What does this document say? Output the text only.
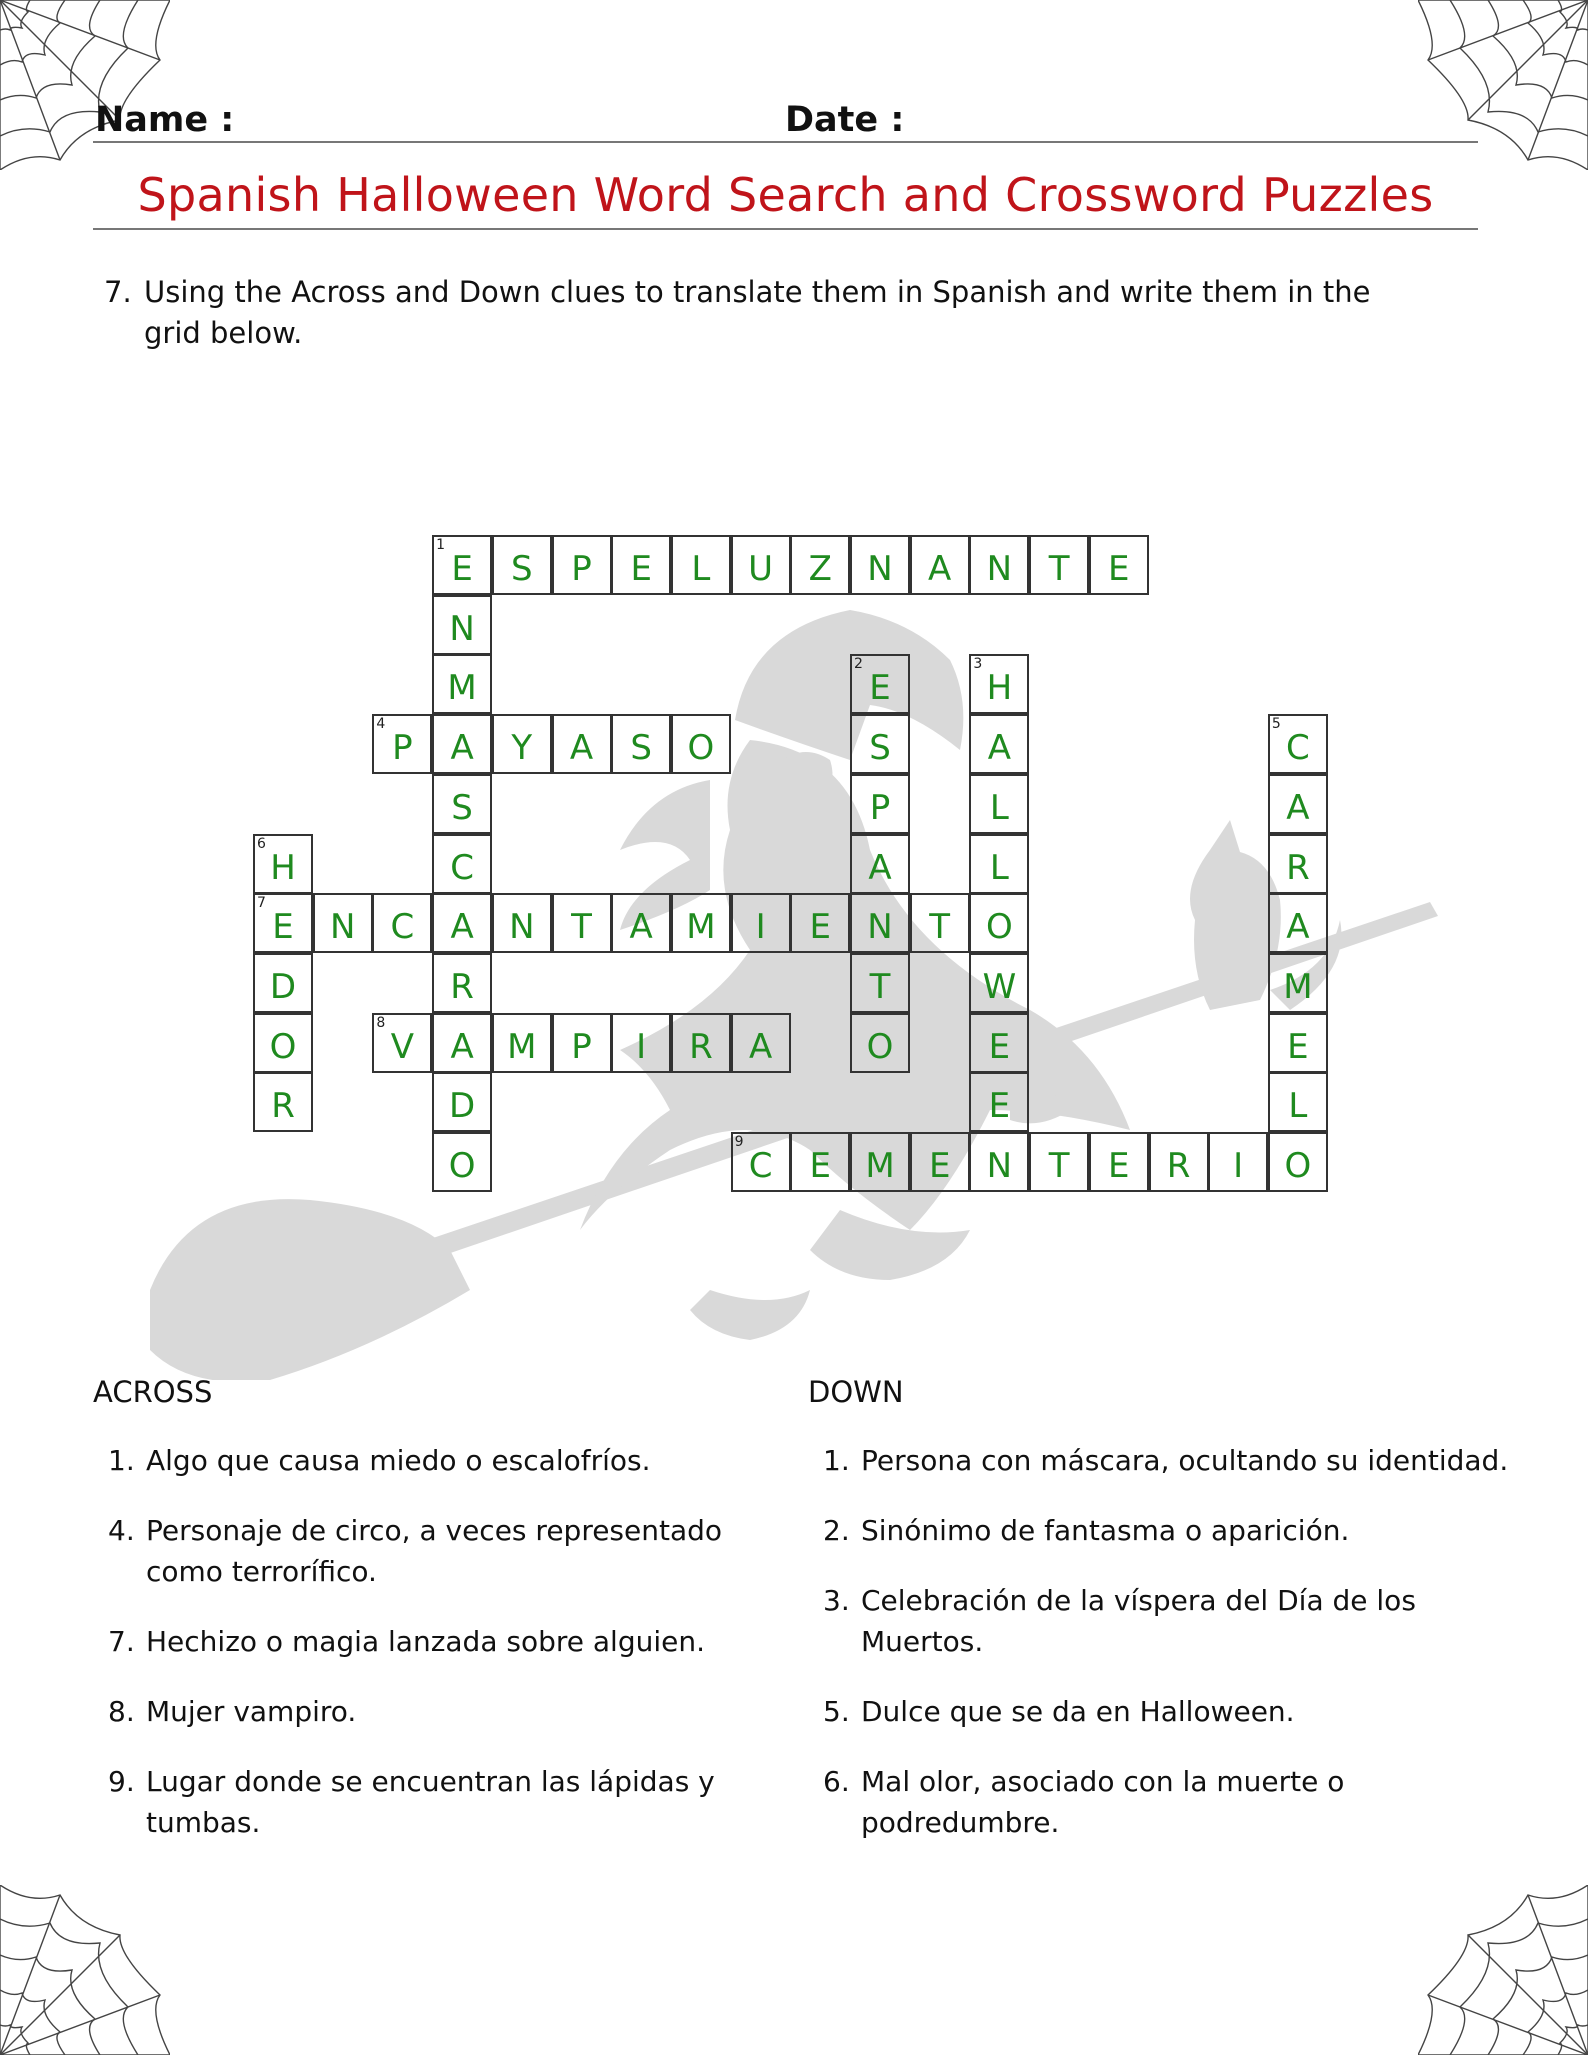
Name :	Date :
Spanish Halloween Word Search and Crossword Puzzles
7. Using the Across and Down clues to translate them in Spanish and write them in the grid below.
1
E	S	P	E	L	U	Z	N	A	N	T	E
N
M
A
S
C
A
R
A
D
O
2
E
S
P
A
N
T
O
3
H
A
L
L
O
W
E
E
N
4
P	Y	A	S	O
5
C
A
R
A
M
E
L
O
6
H
7
E
D
O
R
N	C	N	T	A M	I	E	T
8
V	M	P	I	R	A
9
C	E	M	E	T	E	R	I
ACROSS	DOWN
1. Algo que causa miedo o escalofríos.
4. Personaje de circo, a veces representado como terrorífico.
7. Hechizo o magia lanzada sobre alguien.
8. Mujer vampiro.
9. Lugar donde se encuentran las lápidas y tumbas.
1. Persona con máscara, ocultando su identidad.
2. Sinónimo de fantasma o aparición.
3. Celebración de la víspera del Día de los Muertos.
5. Dulce que se da en Halloween.
6. Mal olor, asociado con la muerte o podredumbre.
